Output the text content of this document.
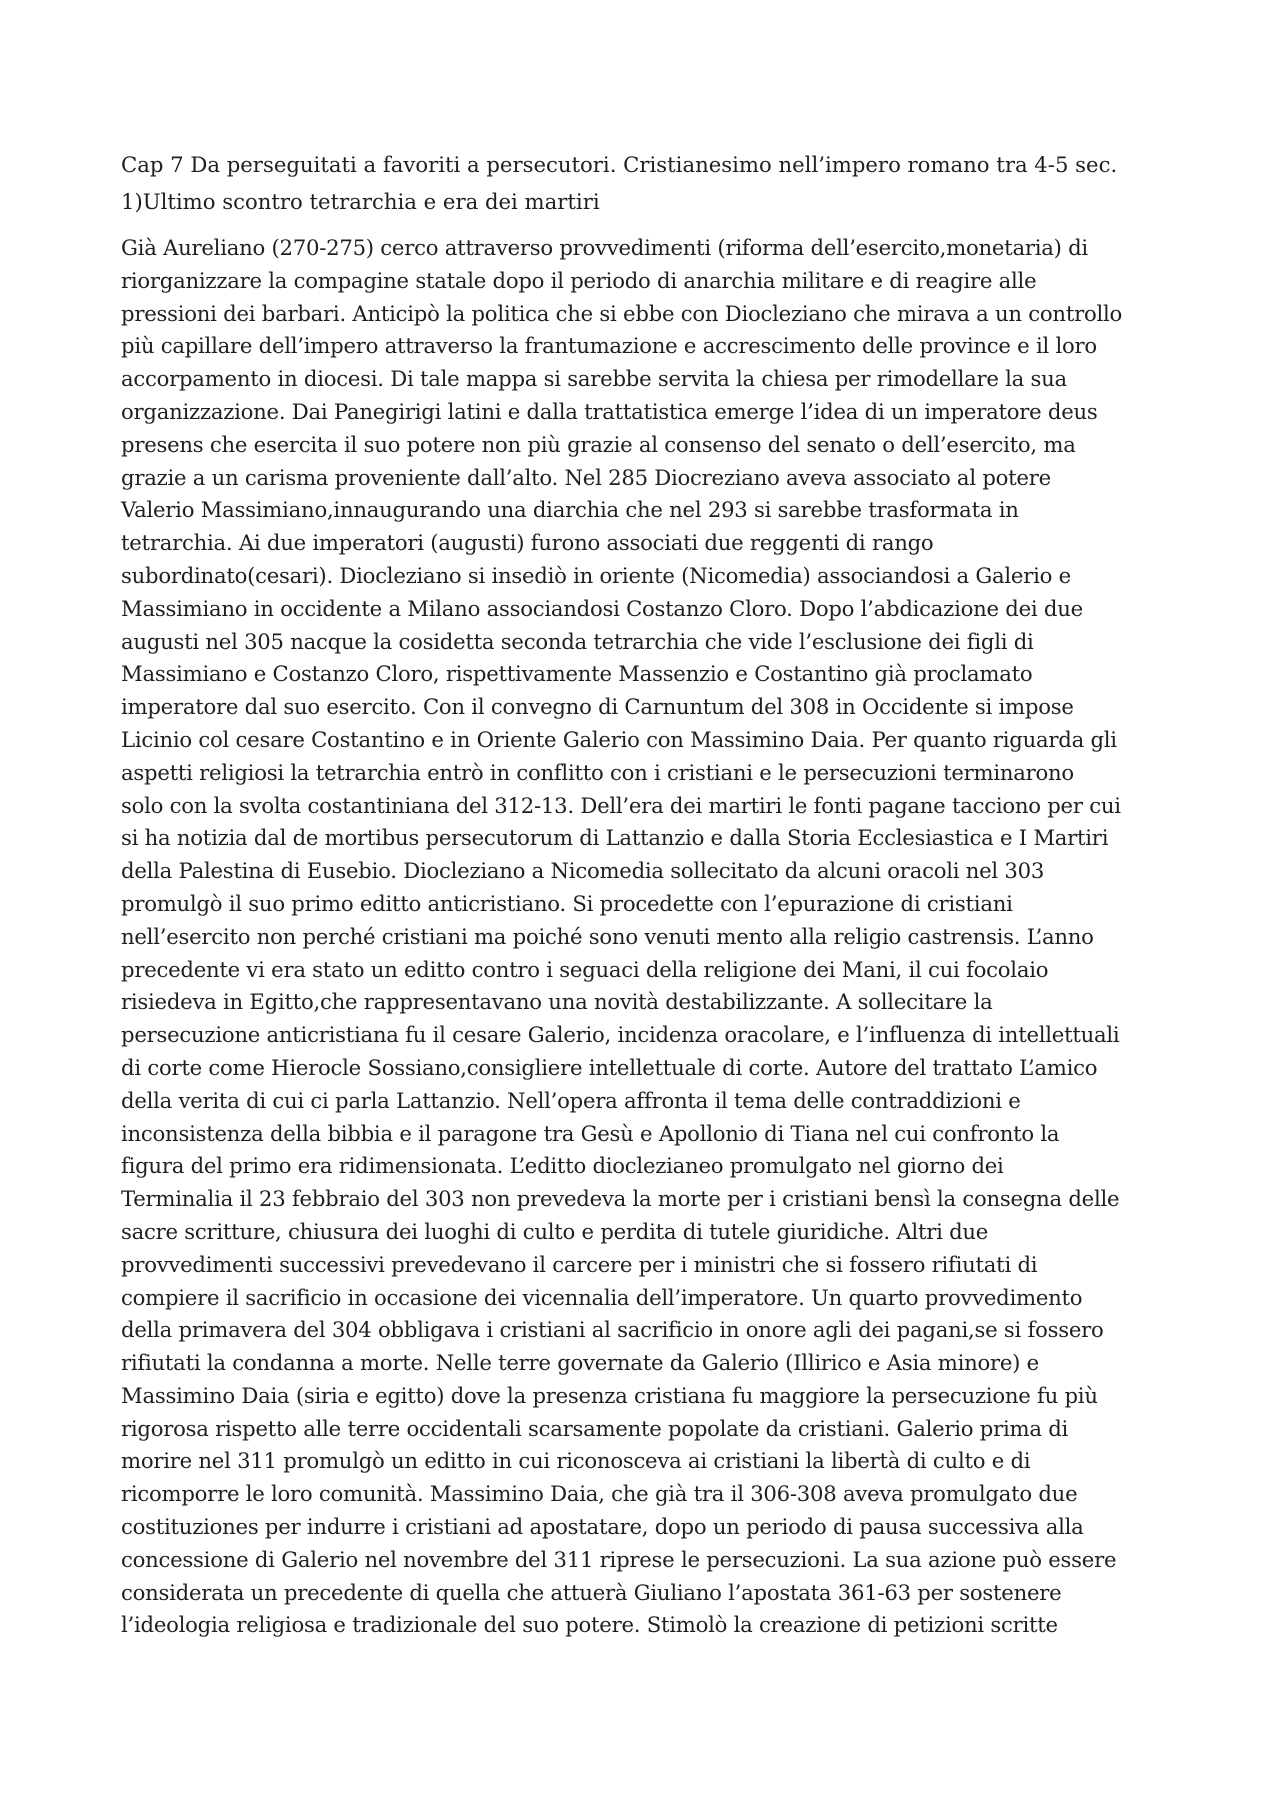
Cap 7 Da perseguitati a favoriti a persecutori. Cristianesimo nell’impero romano tra 4-5 sec.

1)Ultimo scontro tetrarchia e era dei martiri

Già Aureliano (270-275) cerco attraverso provvedimenti (riforma dell’esercito,monetaria) di
riorganizzare la compagine statale dopo il periodo di anarchia militare e di reagire alle
pressioni dei barbari. Anticipò la politica che si ebbe con Diocleziano che mirava a un controllo
più capillare dell’impero attraverso la frantumazione e accrescimento delle province e il loro
accorpamento in diocesi. Di tale mappa si sarebbe servita la chiesa per rimodellare la sua
organizzazione. Dai Panegirigi latini e dalla trattatistica emerge l’idea di un imperatore deus
presens che esercita il suo potere non più grazie al consenso del senato o dell’esercito, ma
grazie a un carisma proveniente dall’alto. Nel 285 Diocreziano aveva associato al potere
Valerio Massimiano,innaugurando una diarchia che nel 293 si sarebbe trasformata in
tetrarchia. Ai due imperatori (augusti) furono associati due reggenti di rango
subordinato(cesari). Diocleziano si insediò in oriente (Nicomedia) associandosi a Galerio e
Massimiano in occidente a Milano associandosi Costanzo Cloro. Dopo l’abdicazione dei due
augusti nel 305 nacque la cosidetta seconda tetrarchia che vide l’esclusione dei figli di
Massimiano e Costanzo Cloro, rispettivamente Massenzio e Costantino già proclamato
imperatore dal suo esercito. Con il convegno di Carnuntum del 308 in Occidente si impose
Licinio col cesare Costantino e in Oriente Galerio con Massimino Daia. Per quanto riguarda gli
aspetti religiosi la tetrarchia entrò in conflitto con i cristiani e le persecuzioni terminarono
solo con la svolta costantiniana del 312-13. Dell’era dei martiri le fonti pagane tacciono per cui
si ha notizia dal de mortibus persecutorum di Lattanzio e dalla Storia Ecclesiastica e I Martiri
della Palestina di Eusebio. Diocleziano a Nicomedia sollecitato da alcuni oracoli nel 303
promulgò il suo primo editto anticristiano. Si procedette con l’epurazione di cristiani
nell’esercito non perché cristiani ma poiché sono venuti mento alla religio castrensis. L’anno
precedente vi era stato un editto contro i seguaci della religione dei Mani, il cui focolaio
risiedeva in Egitto,che rappresentavano una novità destabilizzante. A sollecitare la
persecuzione anticristiana fu il cesare Galerio, incidenza oracolare, e l’influenza di intellettuali
di corte come Hierocle Sossiano,consigliere intellettuale di corte. Autore del trattato L’amico
della verita di cui ci parla Lattanzio. Nell’opera affronta il tema delle contraddizioni e
inconsistenza della bibbia e il paragone tra Gesù e Apollonio di Tiana nel cui confronto la
figura del primo era ridimensionata. L’editto dioclezianeo promulgato nel giorno dei
Terminalia il 23 febbraio del 303 non prevedeva la morte per i cristiani bensì la consegna delle
sacre scritture, chiusura dei luoghi di culto e perdita di tutele giuridiche. Altri due
provvedimenti successivi prevedevano il carcere per i ministri che si fossero rifiutati di
compiere il sacrificio in occasione dei vicennalia dell’imperatore. Un quarto provvedimento
della primavera del 304 obbligava i cristiani al sacrificio in onore agli dei pagani,se si fossero
rifiutati la condanna a morte. Nelle terre governate da Galerio (Illirico e Asia minore) e
Massimino Daia (siria e egitto) dove la presenza cristiana fu maggiore la persecuzione fu più
rigorosa rispetto alle terre occidentali scarsamente popolate da cristiani. Galerio prima di
morire nel 311 promulgò un editto in cui riconosceva ai cristiani la libertà di culto e di
ricomporre le loro comunità. Massimino Daia, che già tra il 306-308 aveva promulgato due
costituziones per indurre i cristiani ad apostatare, dopo un periodo di pausa successiva alla
concessione di Galerio nel novembre del 311 riprese le persecuzioni. La sua azione può essere
considerata un precedente di quella che attuerà Giuliano l’apostata 361-63 per sostenere
l’ideologia religiosa e tradizionale del suo potere. Stimolò la creazione di petizioni scritte
